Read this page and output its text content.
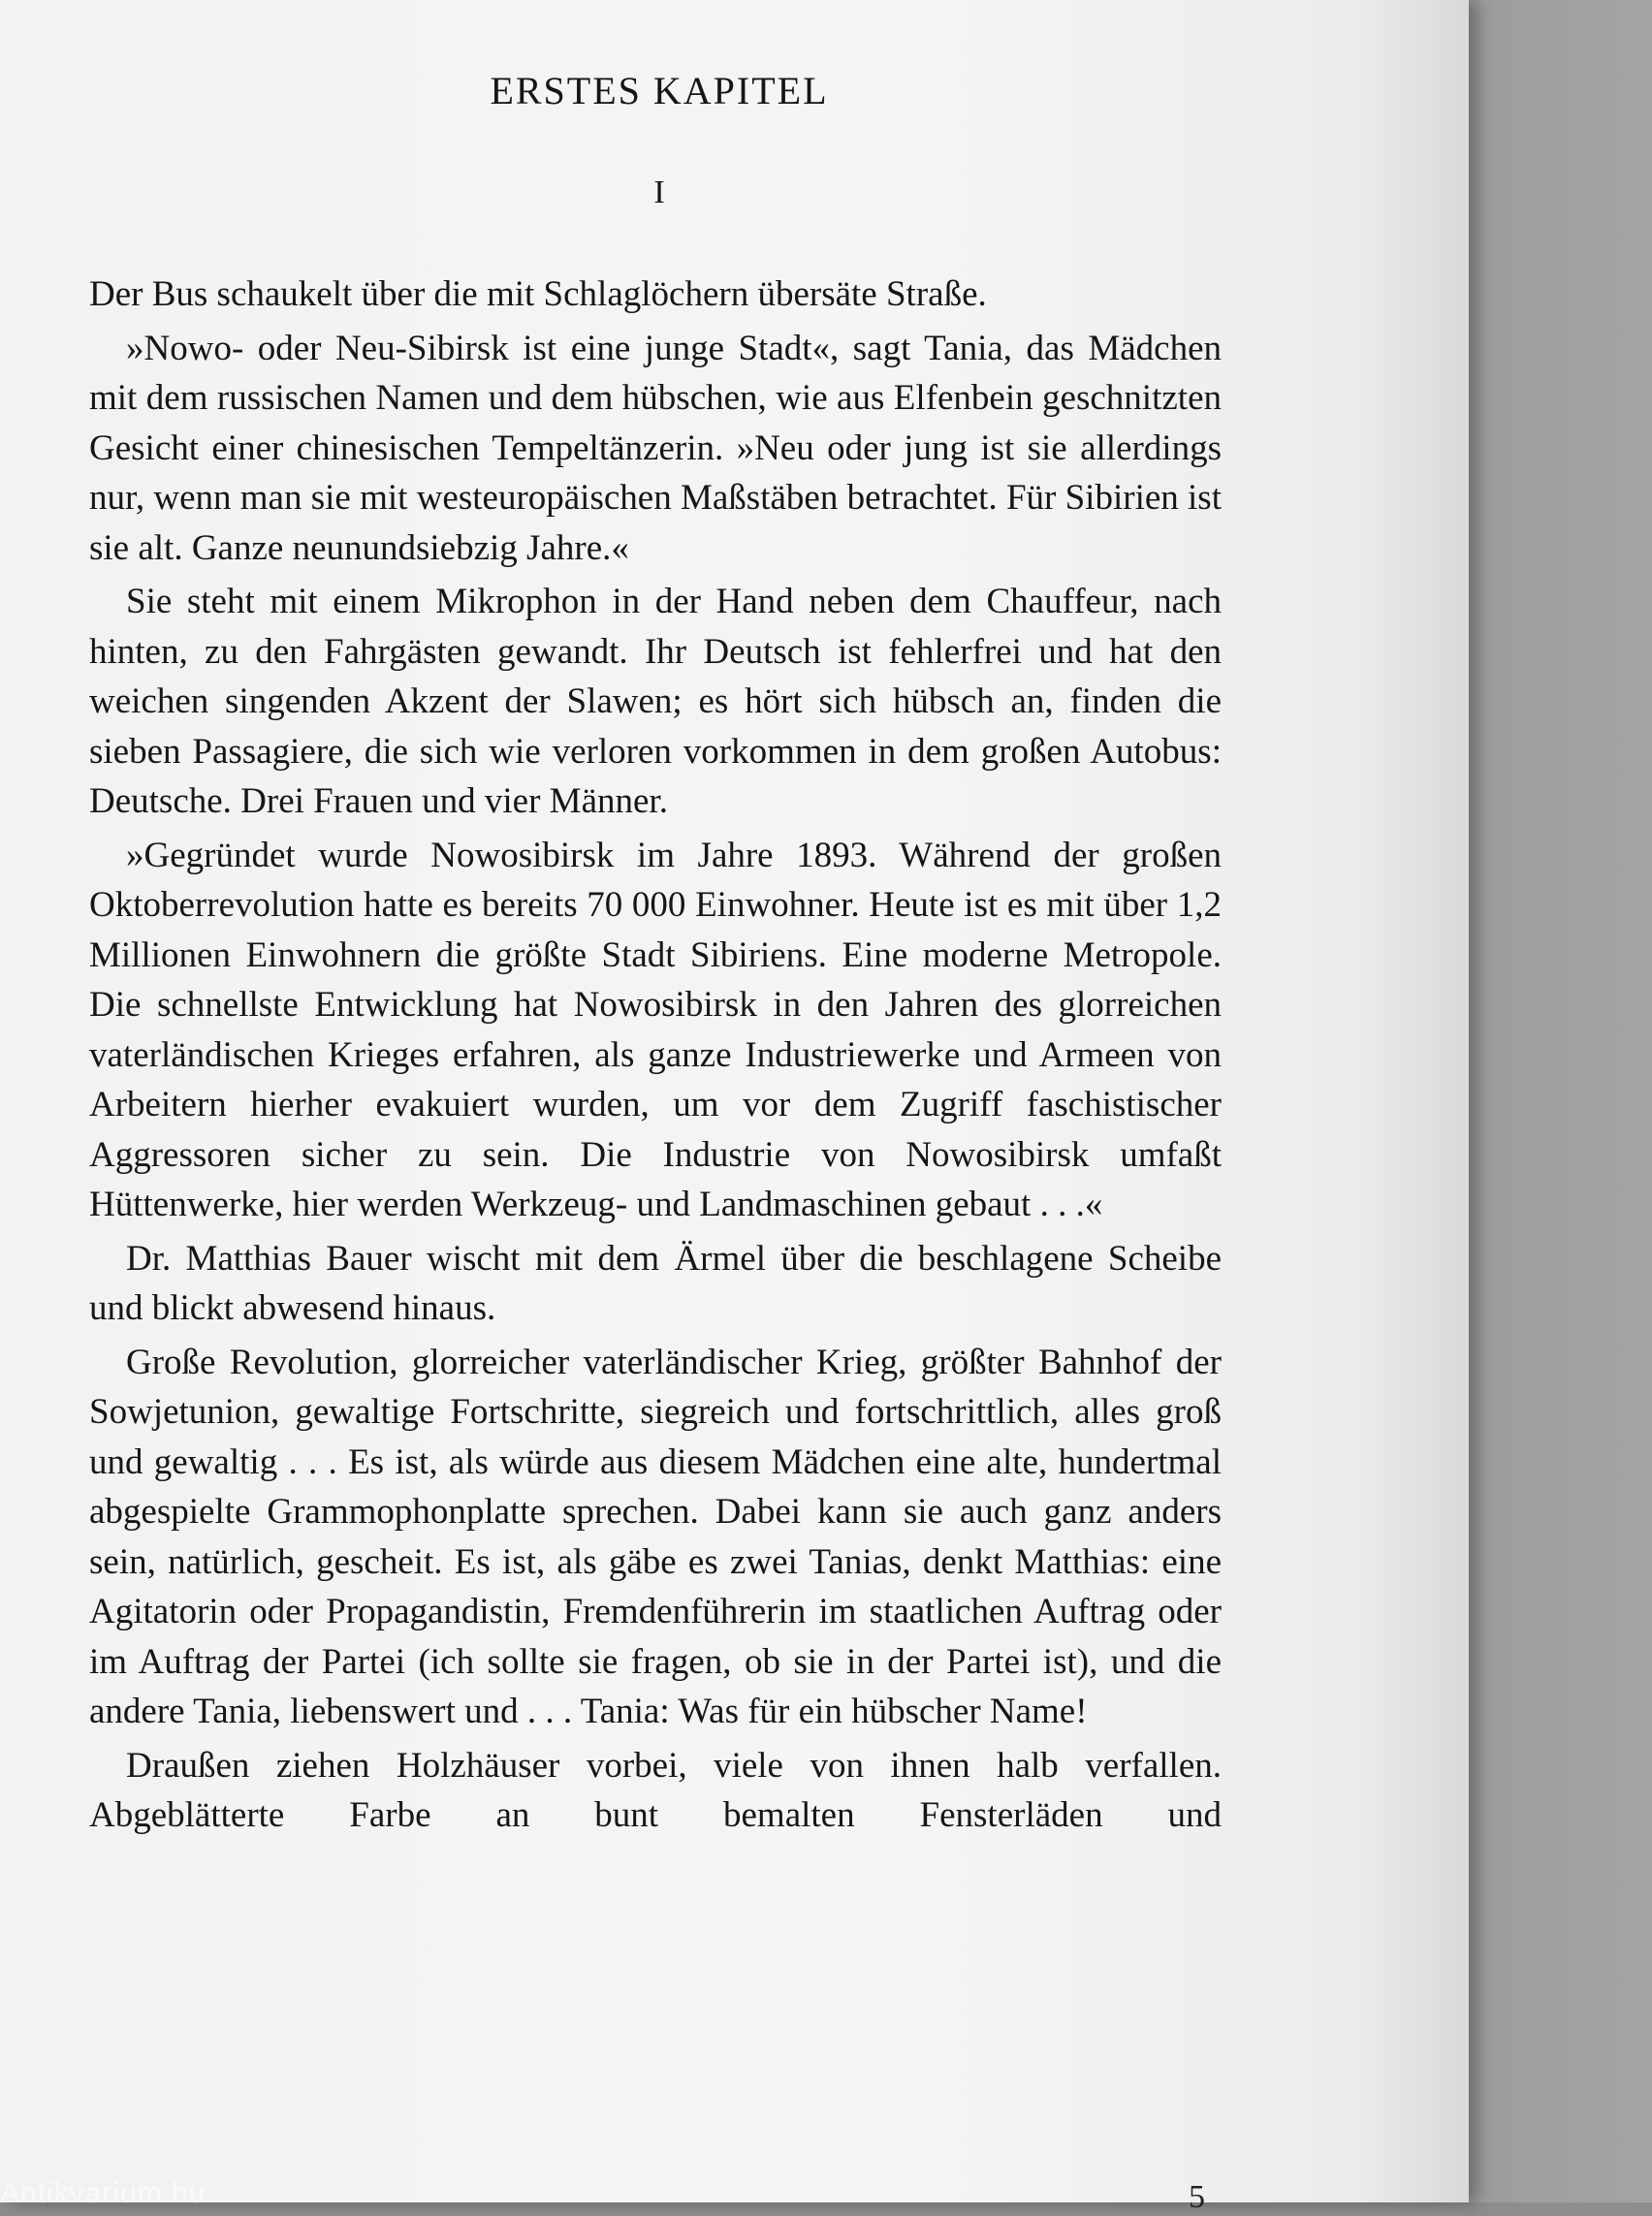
ERSTES KAPITEL
I

Der Bus schaukelt über die mit Schlaglöchern übersäte Straße.

»Nowo- oder Neu-Sibirsk ist eine junge Stadt«, sagt Tania, das Mädchen mit dem russischen Namen und dem hübschen, wie aus Elfenbein geschnitzten Gesicht einer chinesischen Tempeltänzerin. »Neu oder jung ist sie allerdings nur, wenn man sie mit westeuropäischen Maßstäben betrachtet. Für Sibirien ist sie alt. Ganze neunundsiebzig Jahre.«

Sie steht mit einem Mikrophon in der Hand neben dem Chauffeur, nach hinten, zu den Fahrgästen gewandt. Ihr Deutsch ist fehlerfrei und hat den weichen singenden Akzent der Slawen; es hört sich hübsch an, finden die sieben Passagiere, die sich wie verloren vorkommen in dem großen Autobus: Deutsche. Drei Frauen und vier Männer.

»Gegründet wurde Nowosibirsk im Jahre 1893. Während der großen Oktoberrevolution hatte es bereits 70 000 Einwohner. Heute ist es mit über 1,2 Millionen Einwohnern die größte Stadt Sibiriens. Eine moderne Metropole. Die schnellste Entwicklung hat Nowosibirsk in den Jahren des glorreichen vaterländischen Krieges erfahren, als ganze Industriewerke und Armeen von Arbeitern hierher evakuiert wurden, um vor dem Zugriff faschistischer Aggressoren sicher zu sein. Die Industrie von Nowosibirsk umfaßt Hüttenwerke, hier werden Werkzeug- und Landmaschinen gebaut . . .«

Dr. Matthias Bauer wischt mit dem Ärmel über die beschlagene Scheibe und blickt abwesend hinaus.

Große Revolution, glorreicher vaterländischer Krieg, größter Bahnhof der Sowjetunion, gewaltige Fortschritte, siegreich und fortschrittlich, alles groß und gewaltig . . . Es ist, als würde aus diesem Mädchen eine alte, hundertmal abgespielte Grammophonplatte sprechen. Dabei kann sie auch ganz anders sein, natürlich, gescheit. Es ist, als gäbe es zwei Tanias, denkt Matthias: eine Agitatorin oder Propagandistin, Fremdenführerin im staatlichen Auftrag oder im Auftrag der Partei (ich sollte sie fragen, ob sie in der Partei ist), und die andere Tania, liebenswert und . . . Tania: Was für ein hübscher Name!

Draußen ziehen Holzhäuser vorbei, viele von ihnen halb verfallen. Abgeblätterte Farbe an bunt bemalten Fensterläden und

5
Antikvarium.hu
